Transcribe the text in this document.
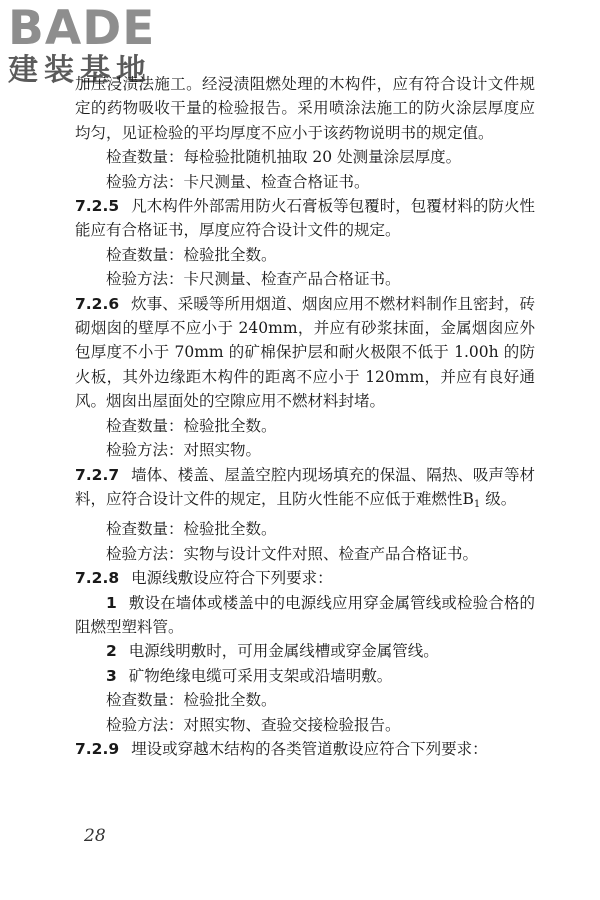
BADE
建装基地

加压浸渍法施工。经浸渍阻燃处理的木构件，应有符合设计文件规定的药物吸收干量的检验报告。采用喷涂法施工的防火涂层厚度应均匀，见证检验的平均厚度不应小于该药物说明书的规定值。

检查数量：每检验批随机抽取 20 处测量涂层厚度。

检验方法：卡尺测量、检查合格证书。

7.2.5 凡木构件外部需用防火石膏板等包覆时，包覆材料的防火性能应有合格证书，厚度应符合设计文件的规定。

检查数量：检验批全数。

检验方法：卡尺测量、检查产品合格证书。

7.2.6 炊事、采暖等所用烟道、烟囱应用不燃材料制作且密封，砖砌烟囱的壁厚不应小于 240mm，并应有砂浆抹面，金属烟囱应外包厚度不小于 70mm 的矿棉保护层和耐火极限不低于 1.00h 的防火板，其外边缘距木构件的距离不应小于 120mm，并应有良好通风。烟囱出屋面处的空隙应用不燃材料封堵。

检查数量：检验批全数。

检验方法：对照实物。

7.2.7 墙体、楼盖、屋盖空腔内现场填充的保温、隔热、吸声等材料，应符合设计文件的规定，且防火性能不应低于难燃性$B_1$ 级。

检查数量：检验批全数。

检验方法：实物与设计文件对照、检查产品合格证书。

7.2.8 电源线敷设应符合下列要求：

1 敷设在墙体或楼盖中的电源线应用穿金属管线或检验合格的阻燃型塑料管。

2 电源线明敷时，可用金属线槽或穿金属管线。

3 矿物绝缘电缆可采用支架或沿墙明敷。

检查数量：检验批全数。

检验方法：对照实物、查验交接检验报告。

7.2.9 埋设或穿越木结构的各类管道敷设应符合下列要求：

28
